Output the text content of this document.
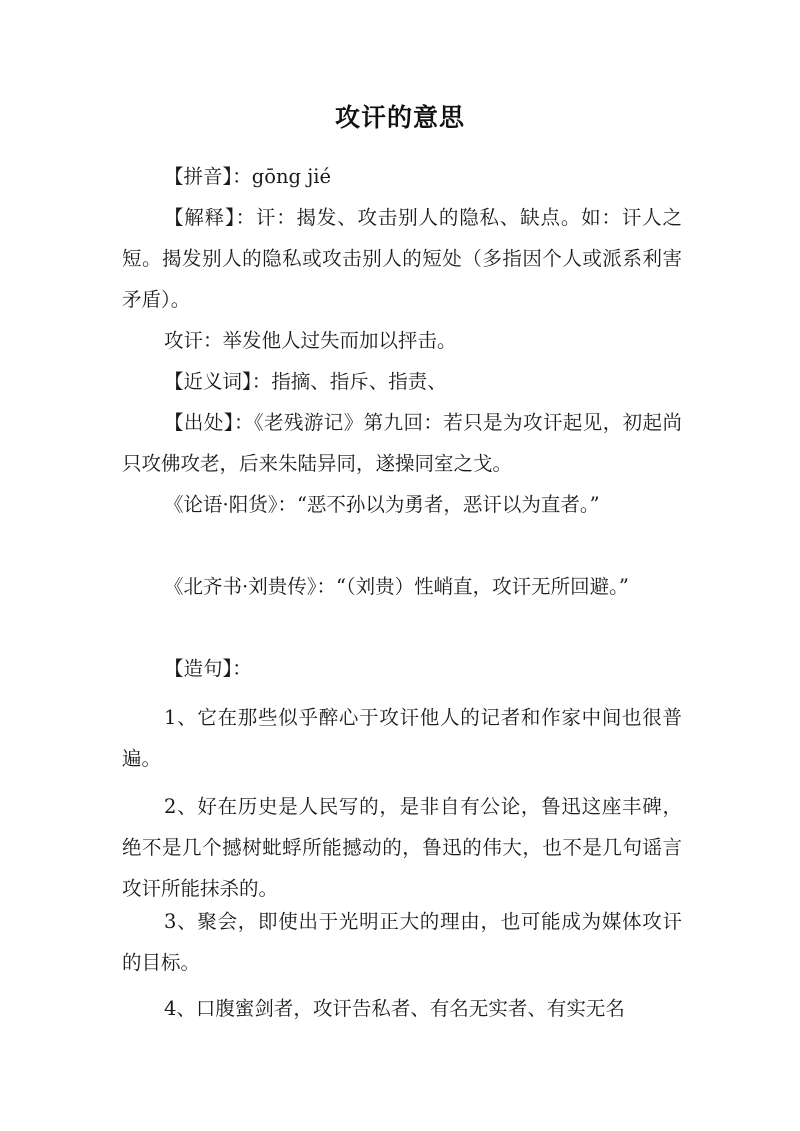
攻讦的意思
【拼音】：gōng jié
【解释】：讦：揭发、攻击别人的隐私、缺点。如：讦人之短。揭发别人的隐私或攻击别人的短处（多指因个人或派系利害矛盾）。
攻讦：举发他人过失而加以抨击。
【近义词】：指摘、指斥、指责、
【出处】：《老残游记》第九回：若只是为攻讦起见，初起尚只攻佛攻老，后来朱陆异同，遂操同室之戈。
《论语·阳货》：“恶不孙以为勇者，恶讦以为直者。”
《北齐书·刘贵传》：“（刘贵）性峭直，攻讦无所回避。”
【造句】：
1、它在那些似乎醉心于攻讦他人的记者和作家中间也很普遍。
2、好在历史是人民写的，是非自有公论，鲁迅这座丰碑，绝不是几个撼树蚍蜉所能撼动的，鲁迅的伟大，也不是几句谣言攻讦所能抹杀的。
3、聚会，即使出于光明正大的理由，也可能成为媒体攻讦的目标。
4、口腹蜜剑者，攻讦告私者、有名无实者、有实无名
